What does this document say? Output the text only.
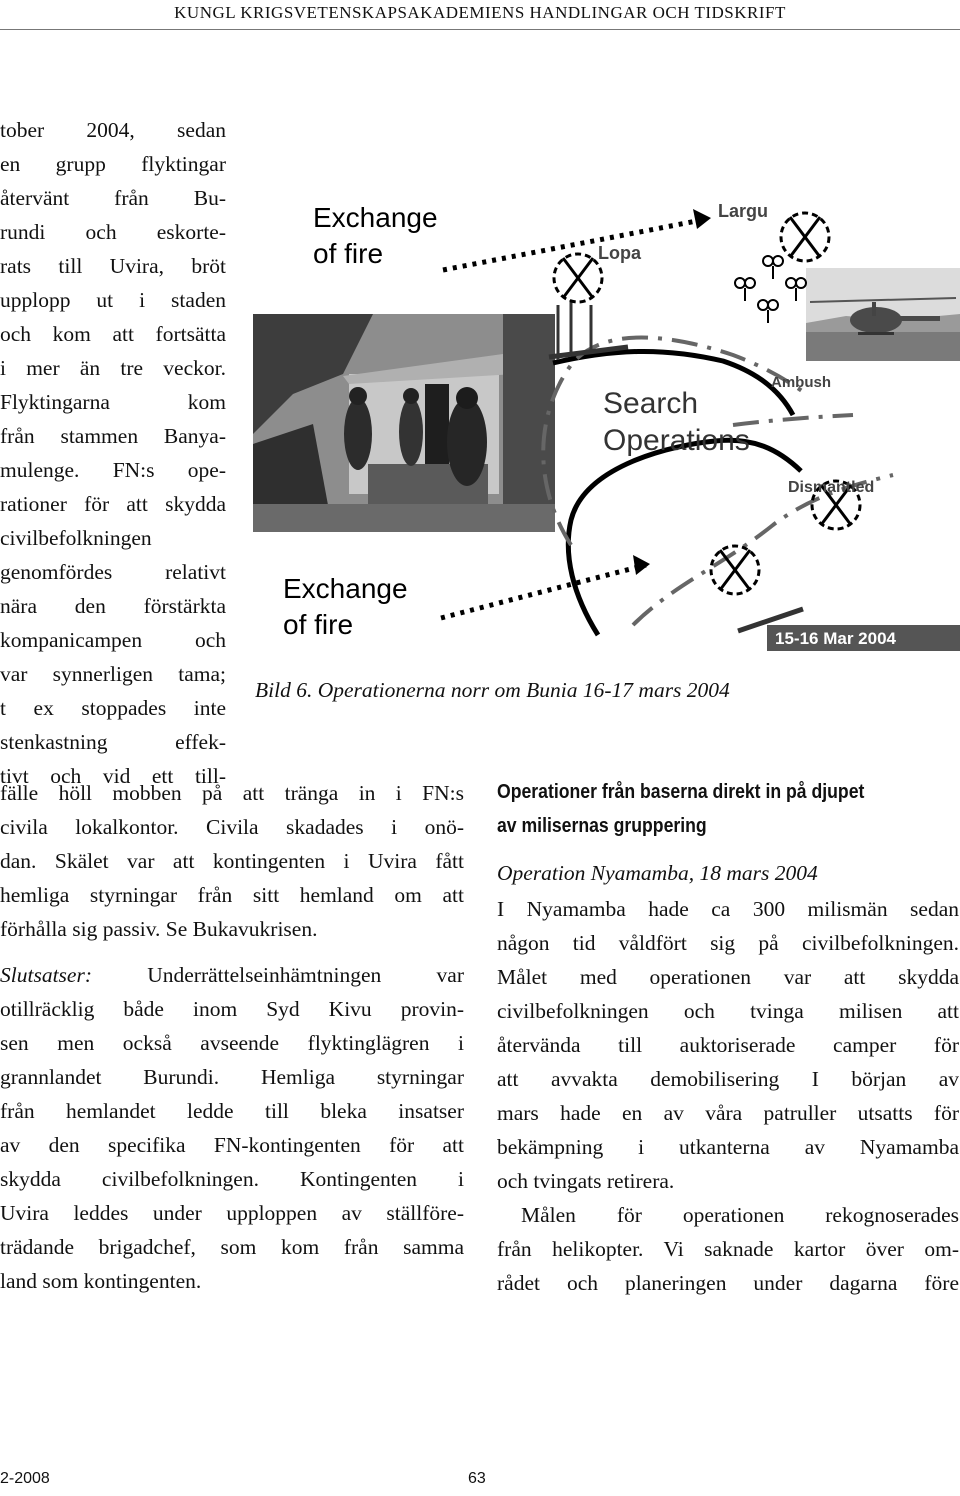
KUNGL KRIGSVETENSKAPSAKADEMIENS HANDLINGAR OCH TIDSKRIFT
tober 2004, sedan
en grupp flyktingar
återvänt från Bu-
rundi och eskorte-
rats till Uvira, bröt
upplopp ut i staden
och kom att fortsätta
i mer än tre veckor.
Flyktingarna kom
från stammen Banya-
mulenge. FN:s ope-
rationer för att skydda
civilbefolkningen
genomfördes relativt
nära den förstärkta
kompanicampen och
var synnerligen tama;
t ex stoppades inte
stenkastning effek-
tivt och vid ett till-
Exchange
of fire
Exchange
of fire
Largu
Lopa
Search
Operations
Ambush
Dismantled
15-16 Mar 2004
Bild 6. Operationerna norr om Bunia 16-17 mars 2004
fälle höll mobben på att tränga in i FN:s
civila lokalkontor. Civila skadades i onö-
dan. Skälet var att kontingenten i Uvira fått
hemliga styrningar från sitt hemland om att
förhålla sig passiv. Se Bukavukrisen.
Slutsatser: Underrättelseinhämtningen var
otillräcklig både inom Syd Kivu provin-
sen men också avseende flyktinglägren i
grannlandet Burundi. Hemliga styrningar
från hemlandet ledde till bleka insatser
av den specifika FN-kontingenten för att
skydda civilbefolkningen. Kontingenten i
Uvira leddes under upploppen av ställföre-
trädande brigadchef, som kom från samma
land som kontingenten.
Operationer från baserna direkt in på djupet
av milisernas gruppering
Operation Nyamamba, 18 mars 2004
I Nyamamba hade ca 300 milismän sedan
någon tid våldfört sig på civilbefolkningen.
Målet med operationen var att skydda
civilbefolkningen och tvinga milisen att
återvända till auktoriserade camper för
att avvakta demobilisering I början av
mars hade en av våra patruller utsatts för
bekämpning i utkanterna av Nyamamba
och tvingats retirera.
Målen för operationen rekognoserades
från helikopter. Vi saknade kartor över om-
rådet och planeringen under dagarna före
2-2008	63
